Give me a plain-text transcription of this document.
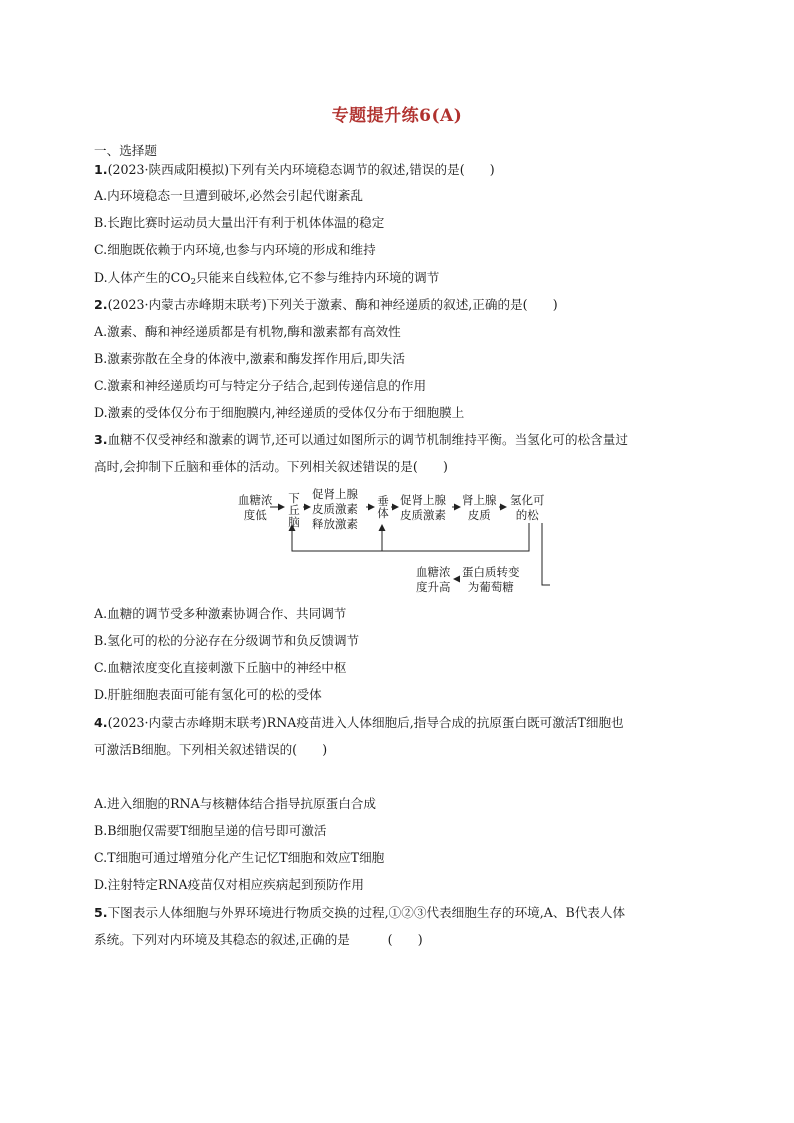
专题提升练6(A)
一、选择题
1.(2023·陕西咸阳模拟)下列有关内环境稳态调节的叙述,错误的是(　　)
A.内环境稳态一旦遭到破坏,必然会引起代谢紊乱
B.长跑比赛时运动员大量出汗有利于机体体温的稳定
C.细胞既依赖于内环境,也参与内环境的形成和维持
D.人体产生的$CO_2$只能来自线粒体,它不参与维持内环境的调节
2.(2023·内蒙古赤峰期末联考)下列关于激素、酶和神经递质的叙述,正确的是(　　)
A.激素、酶和神经递质都是有机物,酶和激素都有高效性
B.激素弥散在全身的体液中,激素和酶发挥作用后,即失活
C.激素和神经递质均可与特定分子结合,起到传递信息的作用
D.激素的受体仅分布于细胞膜内,神经递质的受体仅分布于细胞膜上
3.血糖不仅受神经和激素的调节,还可以通过如图所示的调节机制维持平衡。当氢化可的松含量过
高时,会抑制下丘脑和垂体的活动。下列相关叙述错误的是(　　)
血糖浓
度低
下丘脑
促肾上腺
皮质激素
释放激素
垂体
促肾上腺
皮质激素
肾上腺
皮质
氢化可
的松
蛋白质转变
为葡萄糖
血糖浓
度升高
A.血糖的调节受多种激素协调合作、共同调节
B.氢化可的松的分泌存在分级调节和负反馈调节
C.血糖浓度变化直接刺激下丘脑中的神经中枢
D.肝脏细胞表面可能有氢化可的松的受体
4.(2023·内蒙古赤峰期末联考)RNA疫苗进入人体细胞后,指导合成的抗原蛋白既可激活T细胞也
可激活B细胞。下列相关叙述错误的(　　)
A.进入细胞的RNA与核糖体结合指导抗原蛋白合成
B.B细胞仅需要T细胞呈递的信号即可激活
C.T细胞可通过增殖分化产生记忆T细胞和效应T细胞
D.注射特定RNA疫苗仅对相应疾病起到预防作用
5.下图表示人体细胞与外界环境进行物质交换的过程,①②③代表细胞生存的环境,A、B代表人体
系统。下列对内环境及其稳态的叙述,正确的是　　　(　　)
